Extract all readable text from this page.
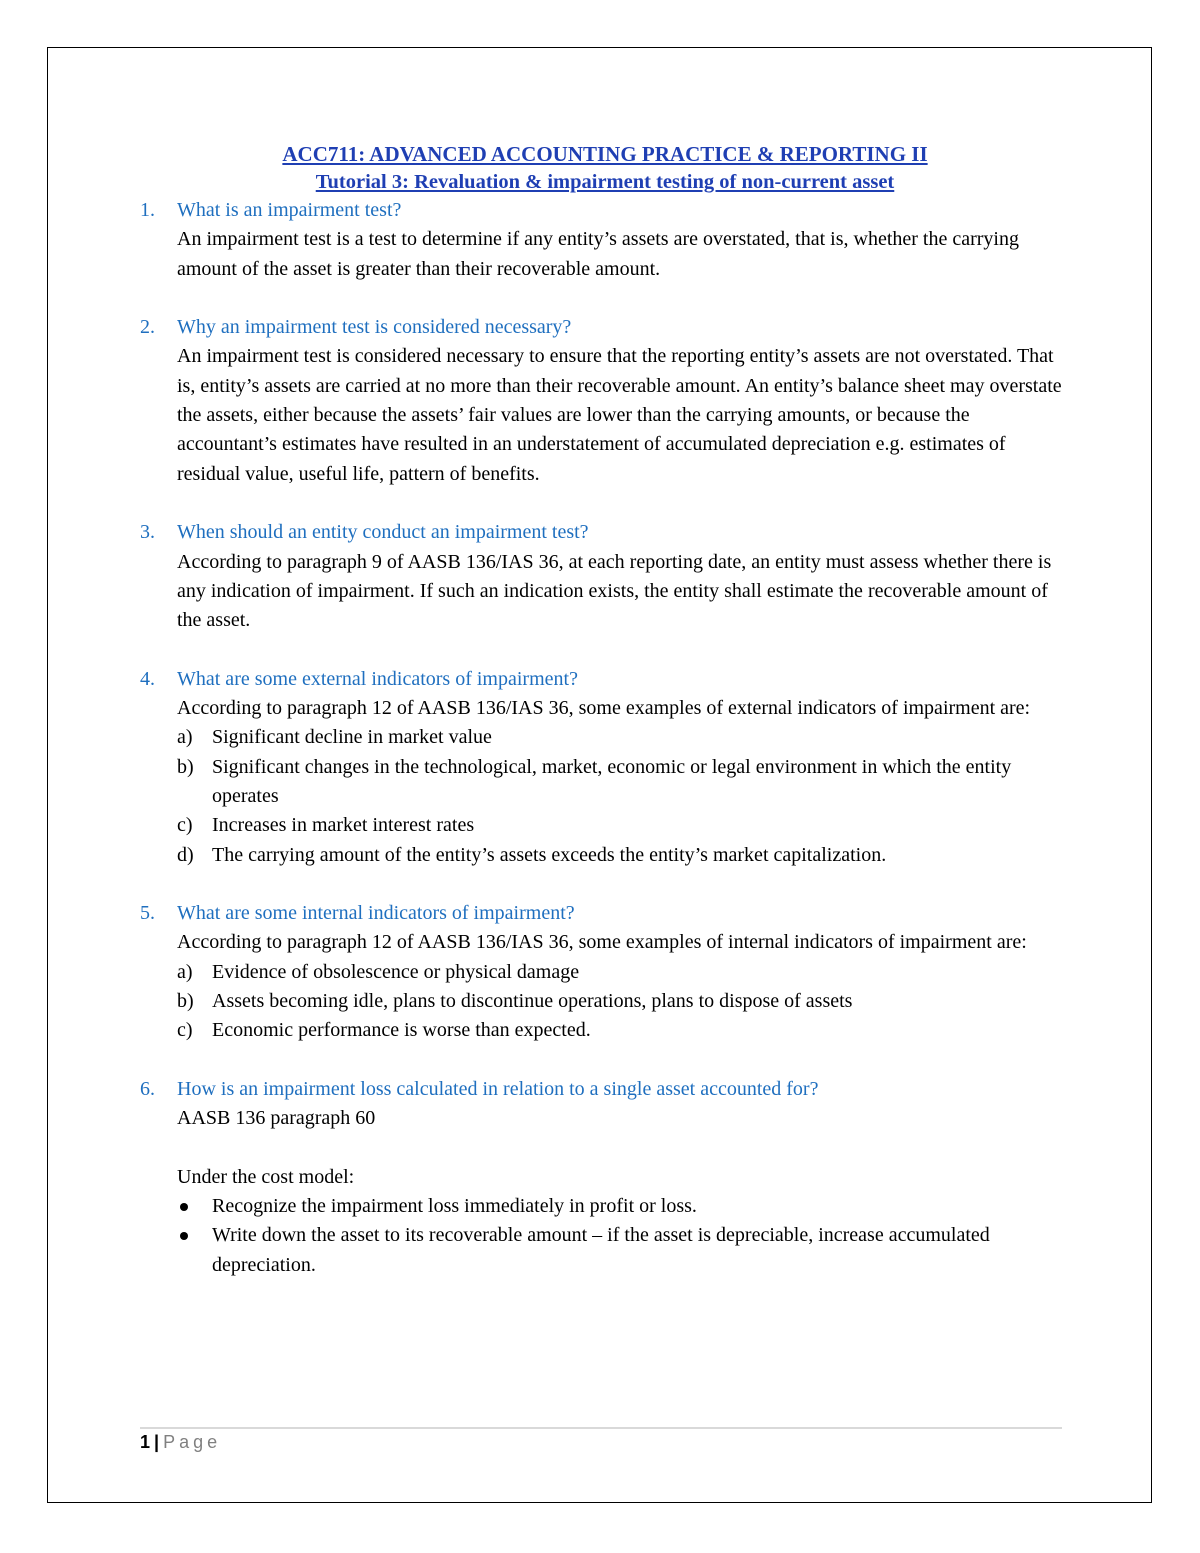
ACC711: ADVANCED ACCOUNTING PRACTICE & REPORTING II

Tutorial 3: Revaluation & impairment testing of non-current asset

1. What is an impairment test?

An impairment test is a test to determine if any entity’s assets are overstated, that is, whether the carrying amount of the asset is greater than their recoverable amount.

2. Why an impairment test is considered necessary?

An impairment test is considered necessary to ensure that the reporting entity’s assets are not overstated. That is, entity’s assets are carried at no more than their recoverable amount. An entity’s balance sheet may overstate the assets, either because the assets’ fair values are lower than the carrying amounts, or because the accountant’s estimates have resulted in an understatement of accumulated depreciation e.g. estimates of residual value, useful life, pattern of benefits.

3. When should an entity conduct an impairment test?

According to paragraph 9 of AASB 136/IAS 36, at each reporting date, an entity must assess whether there is any indication of impairment. If such an indication exists, the entity shall estimate the recoverable amount of the asset.

4. What are some external indicators of impairment?

According to paragraph 12 of AASB 136/IAS 36, some examples of external indicators of impairment are:

a) Significant decline in market value
b) Significant changes in the technological, market, economic or legal environment in which the entity operates
c) Increases in market interest rates
d) The carrying amount of the entity’s assets exceeds the entity’s market capitalization.
5. What are some internal indicators of impairment?

According to paragraph 12 of AASB 136/IAS 36, some examples of internal indicators of impairment are:

a) Evidence of obsolescence or physical damage
b) Assets becoming idle, plans to discontinue operations, plans to dispose of assets
c) Economic performance is worse than expected.
6. How is an impairment loss calculated in relation to a single asset accounted for?

AASB 136 paragraph 60

Under the cost model:

Recognize the impairment loss immediately in profit or loss.
Write down the asset to its recoverable amount – if the asset is depreciable, increase accumulated depreciation.
1 | Page
